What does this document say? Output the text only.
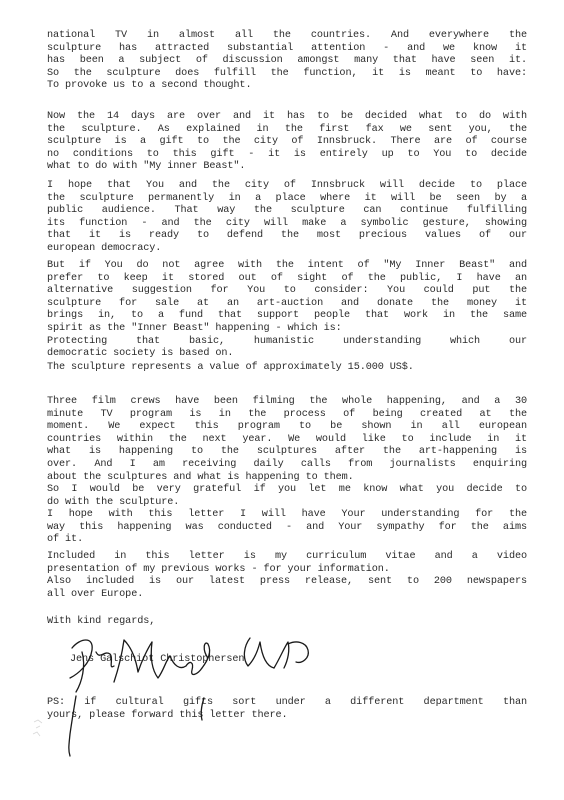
national TV in almost all the countries. And everywhere the
sculpture has attracted substantial attention - and we know it
has been a subject of discussion amongst many that have seen it.
So the sculpture does fulfill the function, it is meant to have:
To provoke us to a second thought.
Now the 14 days are over and it has to be decided what to do with
the sculpture. As explained in the first fax we sent you, the
sculpture is a gift to the city of Innsbruck. There are of course
no conditions to this gift - it is entirely up to You to decide
what to do with "My inner Beast".
I hope that You and the city of Innsbruck will decide to place
the sculpture permanently in a place where it will be seen by a
public audience. That way the sculpture can continue fulfilling
its function - and the city will make a symbolic gesture, showing
that it is ready to defend the most precious values of our
european democracy.
But if You do not agree with the intent of "My Inner Beast" and
prefer to keep it stored out of sight of the public, I have an
alternative suggestion for You to consider: You could put the
sculpture for sale at an art-auction and donate the money it
brings in, to a fund that support people that work in the same
spirit as the "Inner Beast" happening - which is:
Protecting that basic, humanistic understanding which our
democratic society is based on.
The sculpture represents a value of approximately 15.000 US$.
Three film crews have been filming the whole happening, and a 30
minute TV program is in the process of being created at the
moment. We expect this program to be shown in all european
countries within the next year. We would like to include in it
what is happening to the sculptures after the art-happening is
over. And I am receiving daily calls from journalists enquiring
about the sculptures and what is happening to them.
So I would be very grateful if you let me know what you decide to
do with the sculpture.
I hope with this letter I will have Your understanding for the
way this happening was conducted - and Your sympathy for the aims
of it.
Included in this letter is my curriculum vitae and a video
presentation of my previous works - for your information.
Also included is our latest press release, sent to 200 newspapers
all over Europe.
With kind regards,
Jens Galschiot Christophersen
PS: if cultural gifts sort under a different department than
yours, please forward this letter there.
